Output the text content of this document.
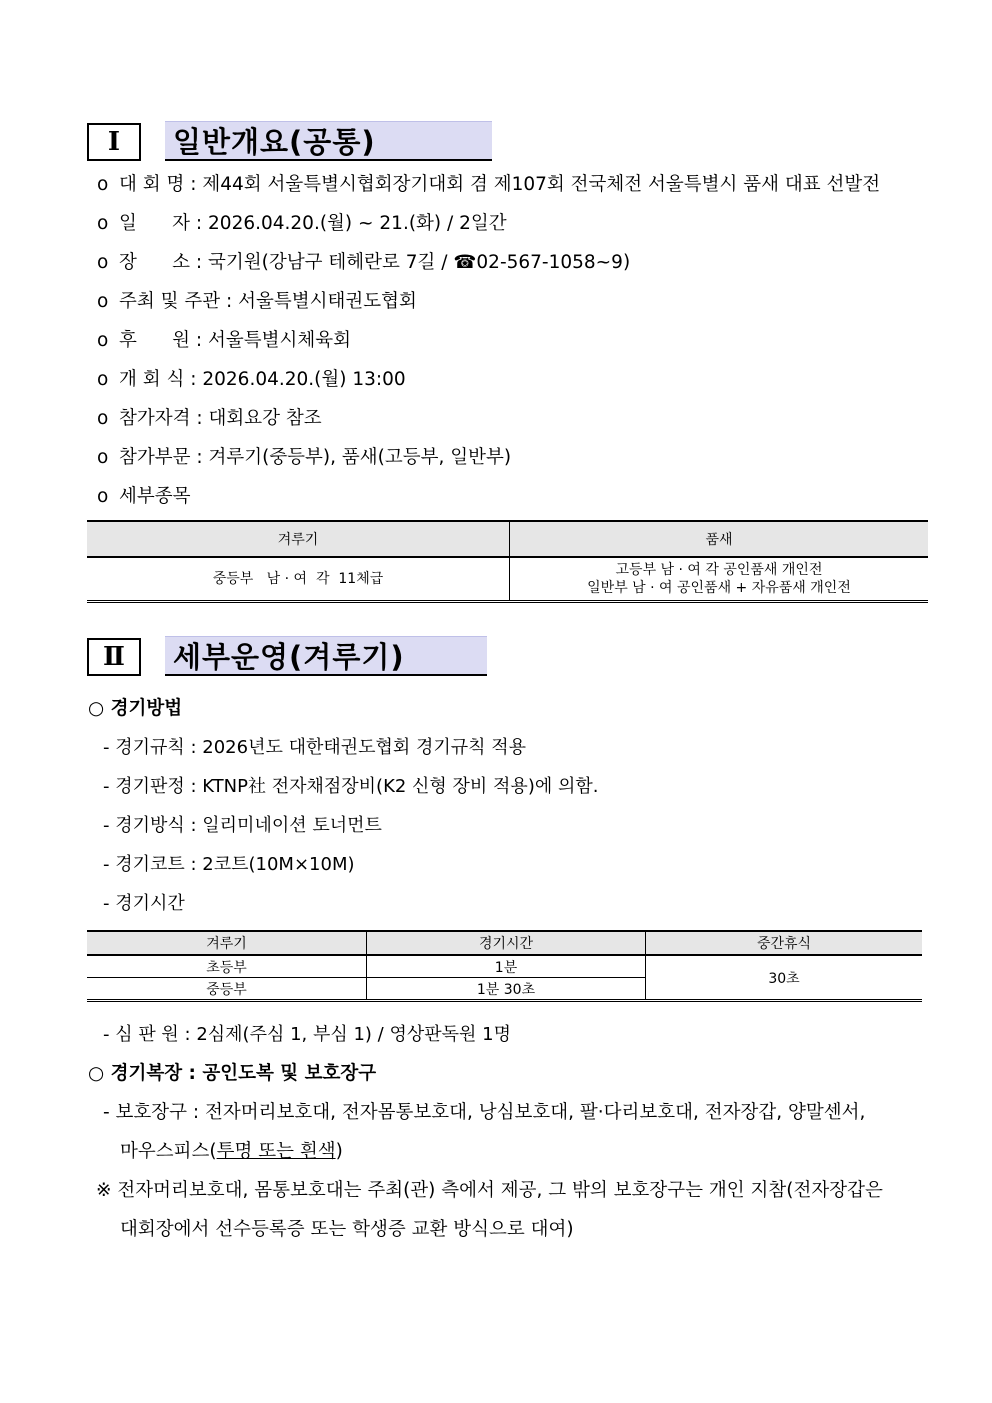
Ⅰ	일반개요(공통)
o 대 회 명 : 제44회 서울특별시협회장기대회 겸 제107회 전국체전 서울특별시 품새 대표 선발전
o 일      자 : 2026.04.20.(월) ~ 21.(화) / 2일간
o 장      소 : 국기원(강남구 테헤란로 7길 / ☎02-567-1058~9)
o 주최 및 주관 : 서울특별시태권도협회
o 후      원 : 서울특별시체육회
o 개 회 식 : 2026.04.20.(월) 13:00
o 참가자격 : 대회요강 참조
o 참가부문 : 겨루기(중등부), 품새(고등부, 일반부)
o 세부종목
겨루기	품새
중등부   남 · 여  각  11체급	고등부 남 · 여 각 공인품새 개인전
일반부 남 · 여 공인품새 + 자유품새 개인전
Ⅱ	세부운영(겨루기)
○ 경기방법
- 경기규칙 : 2026년도 대한태권도협회 경기규칙 적용
- 경기판정 : KTNP社 전자채점장비(K2 신형 장비 적용)에 의함.
- 경기방식 : 일리미네이션 토너먼트
- 경기코트 : 2코트(10M×10M)
- 경기시간
겨루기	경기시간	중간휴식
초등부	1분	30초
중등부	1분 30초	
- 심 판 원 : 2심제(주심 1, 부심 1) / 영상판독원 1명
○ 경기복장 : 공인도복 및 보호장구
- 보호장구 : 전자머리보호대, 전자몸통보호대, 낭심보호대, 팔·다리보호대, 전자장갑, 양말센서,
마우스피스(투명 또는 흰색)
※ 전자머리보호대, 몸통보호대는 주최(관) 측에서 제공, 그 밖의 보호장구는 개인 지참(전자장갑은
대회장에서 선수등록증 또는 학생증 교환 방식으로 대여)
